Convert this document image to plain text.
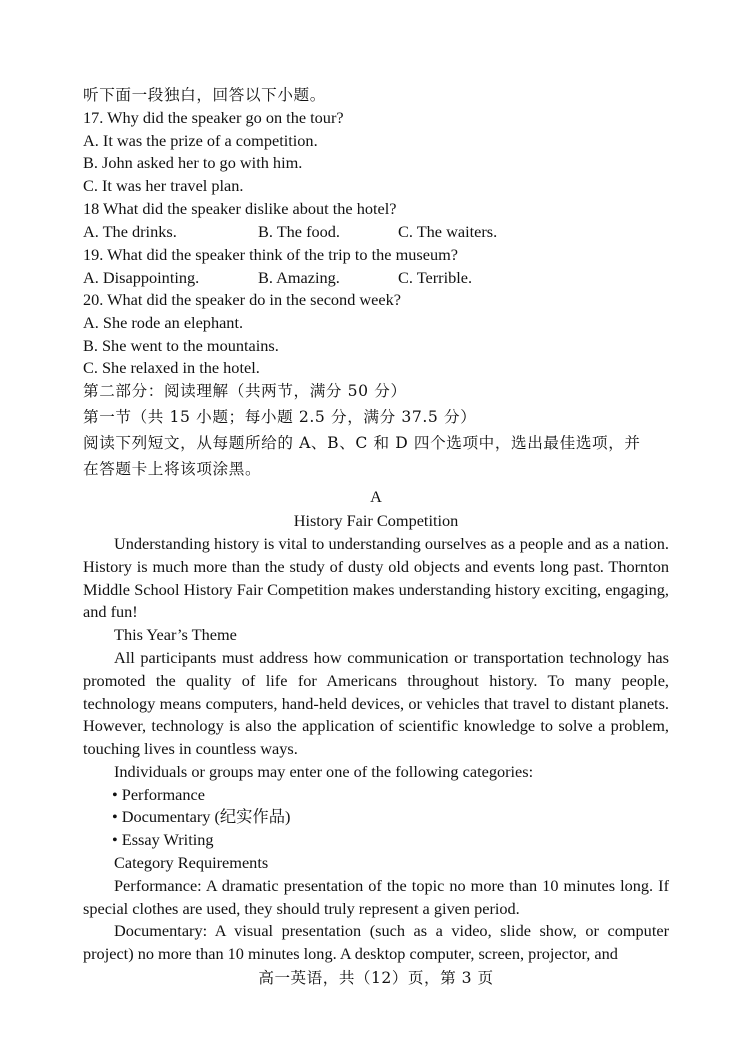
听下面一段独白，回答以下小题。

17. Why did the speaker go on the tour?

A. It was the prize of a competition.

B. John asked her to go with him.

C. It was her travel plan.

18 What did the speaker dislike about the hotel?

A. The drinks.	B. The food.	C. The waiters.

19. What did the speaker think of the trip to the museum?

A. Disappointing.	B. Amazing.	C. Terrible.

20. What did the speaker do in the second week?

A. She rode an elephant.

B. She went to the mountains.

C. She relaxed in the hotel.

第二部分：阅读理解（共两节，满分 50 分）

第一节（共 15 小题；每小题 2.5 分，满分 37.5 分）

阅读下列短文，从每题所给的 A、B、C 和 D 四个选项中，选出最佳选项，并

在答题卡上将该项涂黑。

A

History Fair Competition

Understanding history is vital to understanding ourselves as a people and as a nation. History is much more than the study of dusty old objects and events long past. Thornton Middle School History Fair Competition makes understanding history exciting, engaging, and fun!

This Year’s Theme

All participants must address how communication or transportation technology has promoted the quality of life for Americans throughout history. To many people, technology means computers, hand-held devices, or vehicles that travel to distant planets. However, technology is also the application of scientific knowledge to solve a problem, touching lives in countless ways.

Individuals or groups may enter one of the following categories:

• Performance

• Documentary (纪实作品)

• Essay Writing

Category Requirements

Performance: A dramatic presentation of the topic no more than 10 minutes long. If special clothes are used, they should truly represent a given period.

Documentary: A visual presentation (such as a video, slide show, or computer project) no more than 10 minutes long. A desktop computer, screen, projector, and

高一英语，共（12）页，第 3 页
